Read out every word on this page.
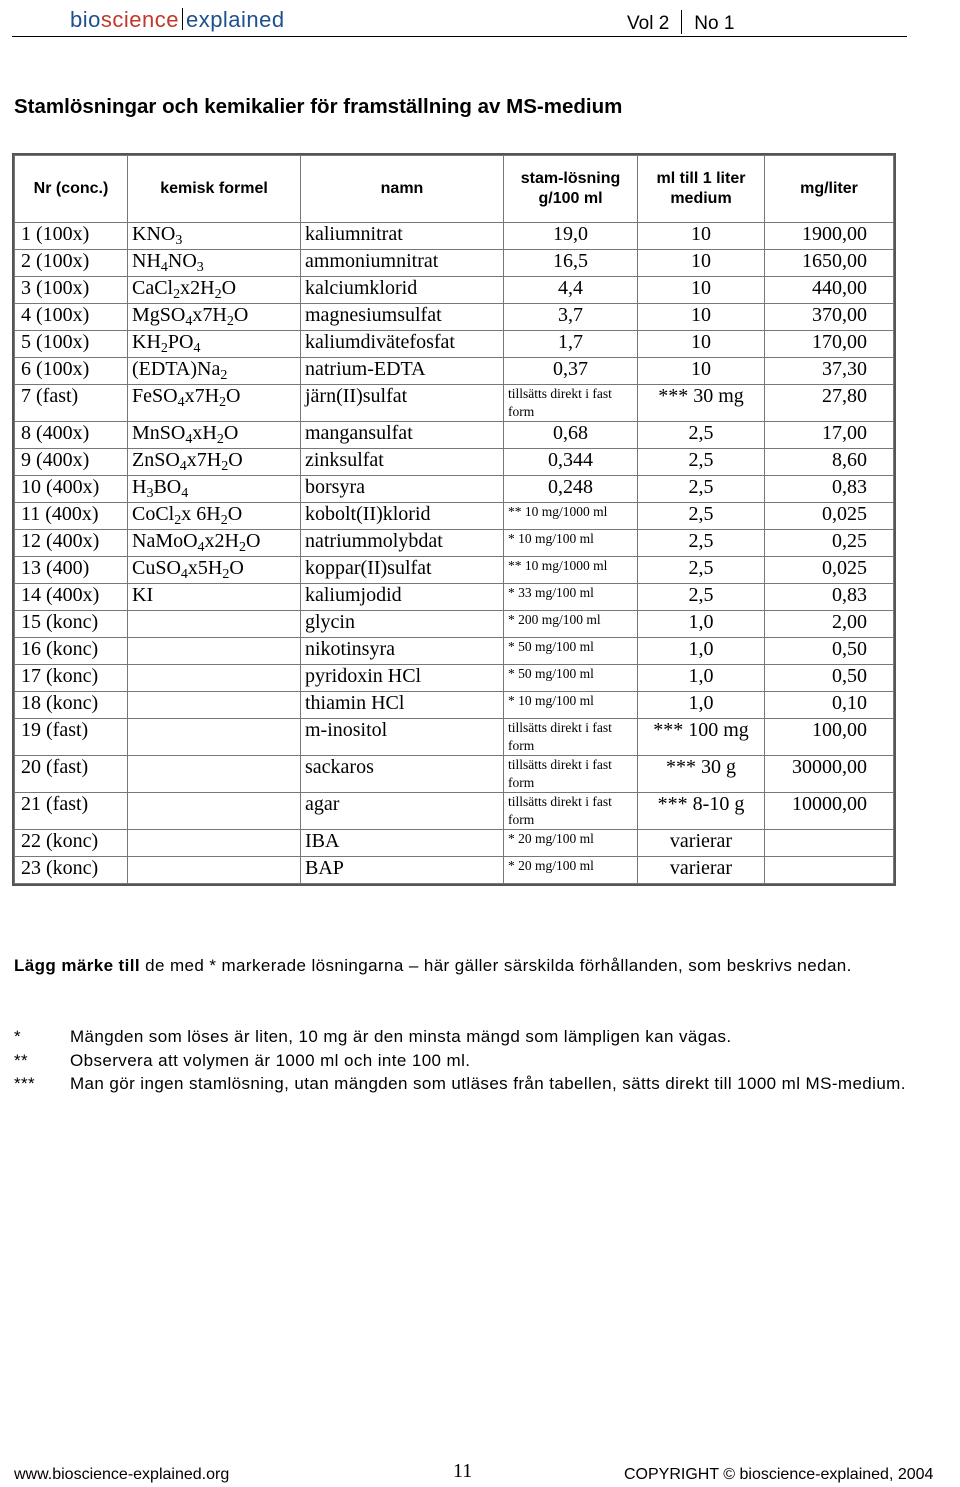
bioscience explained	Vol 2 No 1
Stamlösningar och kemikalier för framställning av MS-medium
Nr (conc.)	kemisk formel	namn	stam-lösning g/100 ml	ml till 1 liter medium	mg/liter
1 (100x)	$KNO_3$	kaliumnitrat	19,0	10	1900,00
2 (100x)	$NH_4NO_3$	ammoniumnitrat	16,5	10	1650,00
3 (100x)	$CaCl_2x2H_2O$	kalciumklorid	4,4	10	440,00
4 (100x)	$MgSO_4x7H_2O$	magnesiumsulfat	3,7	10	370,00
5 (100x)	$KH_2PO_4$	kaliumdivätefosfat	1,7	10	170,00
6 (100x)	$(EDTA)Na_2$	natrium-EDTA	0,37	10	37,30
7 (fast)	$FeSO_4x7H_2O$	järn(II)sulfat	tillsätts direkt i fast form	*** 30 mg	27,80
8 (400x)	$MnSO_4xH_2O$	mangansulfat	0,68	2,5	17,00
9 (400x)	$ZnSO_4x7H_2O$	zinksulfat	0,344	2,5	8,60
10 (400x)	$H_3BO_4$	borsyra	0,248	2,5	0,83
11 (400x)	CoCl$_2$x $6H_2O$	kobolt(II)klorid	** 10 mg/1000 ml	2,5	0,025
12 (400x)	$NaMoO_4x2H_2O$	natriummolybdat	* 10 mg/100 ml	2,5	0,25
13 (400)	$CuSO_4x5H_2O$	koppar(II)sulfat	** 10 mg/1000 ml	2,5	0,025
14 (400x)	KI	kaliumjodid	* 33 mg/100 ml	2,5	0,83
15 (konc)		glycin	* 200 mg/100 ml	1,0	2,00
16 (konc)		nikotinsyra	* 50 mg/100 ml	1,0	0,50
17 (konc)		pyridoxin HCl	* 50 mg/100 ml	1,0	0,50
18 (konc)		thiamin HCl	* 10 mg/100 ml	1,0	0,10
19 (fast)		m-inositol	tillsätts direkt i fast form	*** 100 mg	100,00
20 (fast)		sackaros	tillsätts direkt i fast form	*** 30 g	30000,00
21 (fast)		agar	tillsätts direkt i fast form	*** 8-10 g	10000,00
22 (konc)		IBA	* 20 mg/100 ml	varierar	
23 (konc)		BAP	* 20 mg/100 ml	varierar	
Lägg märke till de med * markerade lösningarna – här gäller särskilda förhållanden, som beskrivs nedan.
*	Mängden som löses är liten, 10 mg är den minsta mängd som lämpligen kan vägas.
**	Observera att volymen är 1000 ml och inte 100 ml.
***	Man gör ingen stamlösning, utan mängden som utläses från tabellen, sätts direkt till 1000 ml MS-medium.
www.bioscience-explained.org	11	COPYRIGHT © bioscience-explained, 2004
